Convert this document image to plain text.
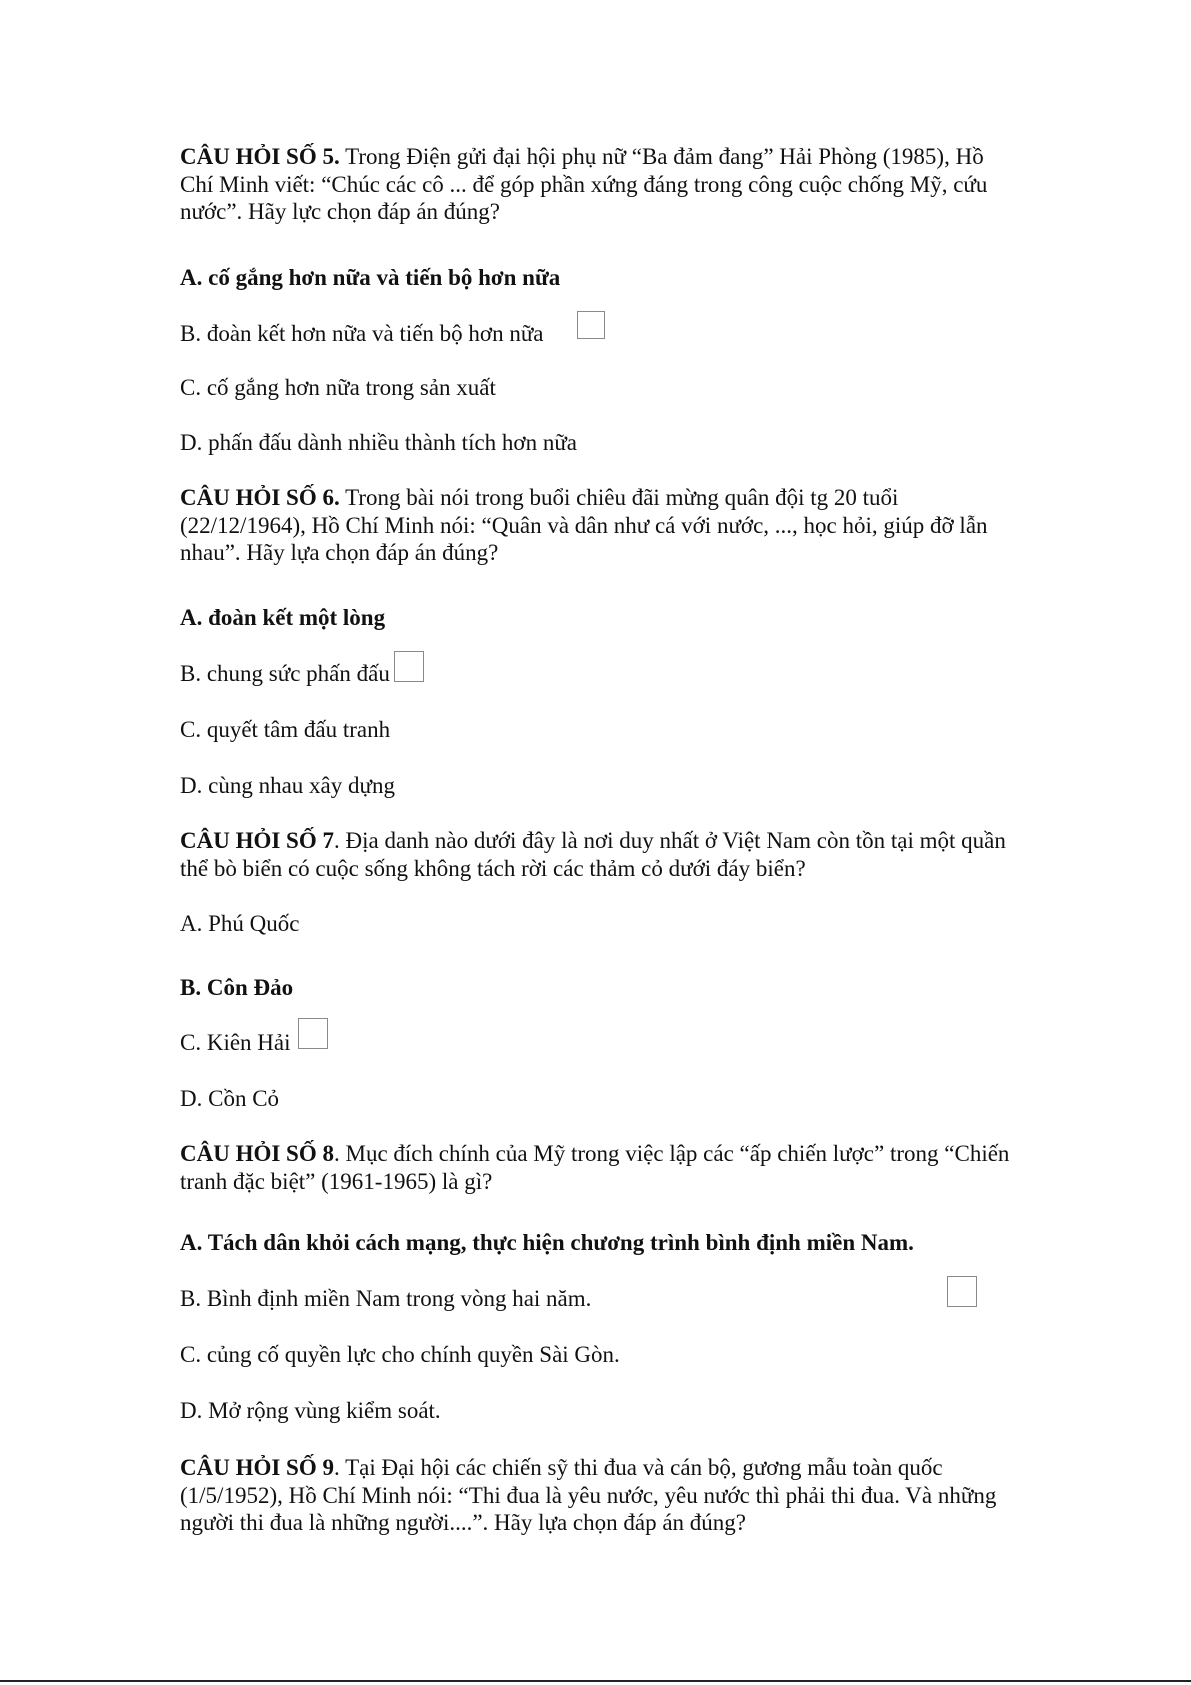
CÂU HỎI SỐ 5. Trong Điện gửi đại hội phụ nữ “Ba đảm đang” Hải Phòng (1985), Hồ Chí Minh viết: “Chúc các cô ... để góp phần xứng đáng trong công cuộc chống Mỹ, cứu nước”. Hãy lực chọn đáp án đúng?

A. cố gắng hơn nữa và tiến bộ hơn nữa

B. đoàn kết hơn nữa và tiến bộ hơn nữa

C. cố gắng hơn nữa trong sản xuất

D. phấn đấu dành nhiều thành tích hơn nữa

CÂU HỎI SỐ 6. Trong bài nói trong buổi chiêu đãi mừng quân đội tg 20 tuổi (22/12/1964), Hồ Chí Minh nói: “Quân và dân như cá với nước, ..., học hỏi, giúp đỡ lẫn nhau”. Hãy lựa chọn đáp án đúng?

A. đoàn kết một lòng

B. chung sức phấn đấu

C. quyết tâm đấu tranh

D. cùng nhau xây dựng

CÂU HỎI SỐ 7. Địa danh nào dưới đây là nơi duy nhất ở Việt Nam còn tồn tại một quần thể bò biển có cuộc sống không tách rời các thảm cỏ dưới đáy biển?

A. Phú Quốc

B. Côn Đảo

C. Kiên Hải

D. Cồn Cỏ

CÂU HỎI SỐ 8. Mục đích chính của Mỹ trong việc lập các “ấp chiến lược” trong “Chiến tranh đặc biệt” (1961-1965) là gì?

A. Tách dân khỏi cách mạng, thực hiện chương trình bình định miền Nam.

B. Bình định miền Nam trong vòng hai năm.

C. củng cố quyền lực cho chính quyền Sài Gòn.

D. Mở rộng vùng kiểm soát.

CÂU HỎI SỐ 9. Tại Đại hội các chiến sỹ thi đua và cán bộ, gương mẫu toàn quốc (1/5/1952), Hồ Chí Minh nói: “Thi đua là yêu nước, yêu nước thì phải thi đua. Và những người thi đua là những người....”. Hãy lựa chọn đáp án đúng?
